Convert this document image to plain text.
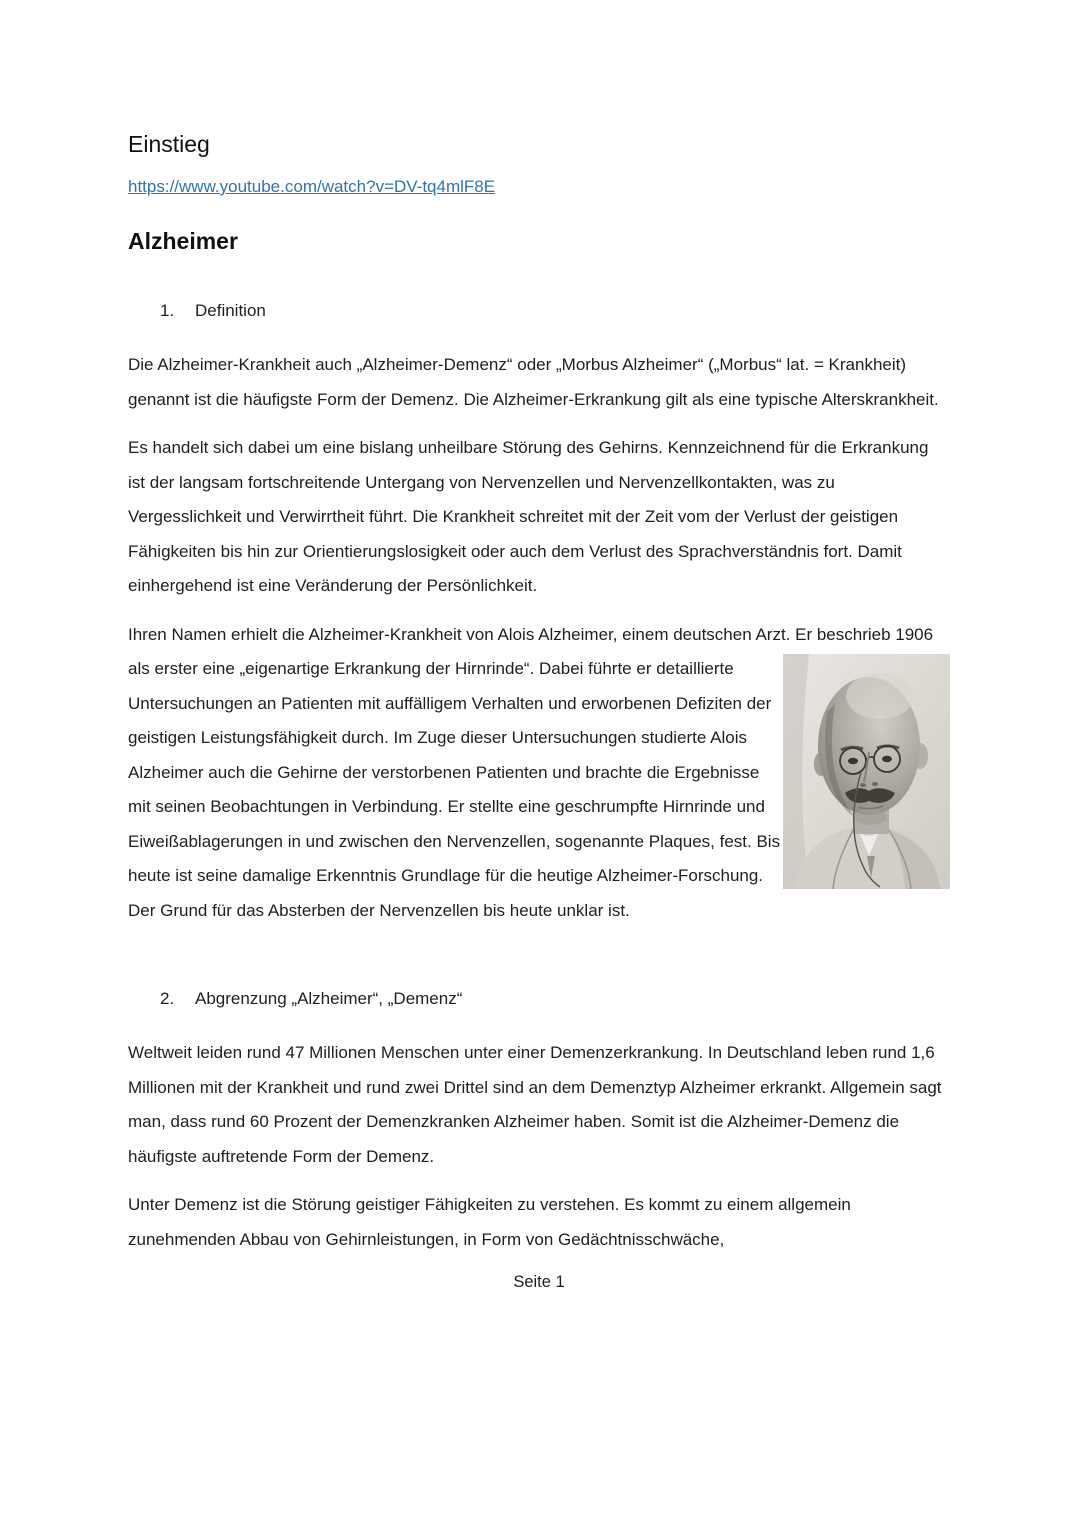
Einstieg

https://www.youtube.com/watch?v=DV-tq4mlF8E

Alzheimer
1.	Definition

Die Alzheimer-Krankheit auch „Alzheimer-Demenz“ oder „Morbus Alzheimer“ („Morbus“ lat. = Krankheit) genannt ist die häufigste Form der Demenz. Die Alzheimer-Erkrankung gilt als eine typische Alterskrankheit.

Es handelt sich dabei um eine bislang unheilbare Störung des Gehirns. Kennzeichnend für die Erkrankung ist der langsam fortschreitende Untergang von Nervenzellen und Nervenzellkontakten, was zu Vergesslichkeit und Verwirrtheit führt. Die Krankheit schreitet mit der Zeit vom der Verlust der geistigen Fähigkeiten bis hin zur Orientierungslosigkeit oder auch dem Verlust des Sprachverständnis fort. Damit einhergehend ist eine Veränderung der Persönlichkeit.

Ihren Namen erhielt die Alzheimer-Krankheit von Alois Alzheimer, einem deutschen Arzt. Er beschrieb 1906 als erster eine „eigenartige Erkrankung der Hirnrinde“. Dabei führte er detaillierte Untersuchungen an Patienten mit auffälligem Verhalten und erworbenen Defiziten der geistigen Leistungsfähigkeit durch. Im Zuge dieser Untersuchungen studierte Alois Alzheimer auch die Gehirne der verstorbenen Patienten und brachte die Ergebnisse mit seinen Beobachtungen in Verbindung. Er stellte eine geschrumpfte Hirnrinde und Eiweißablagerungen in und zwischen den Nervenzellen, sogenannte Plaques, fest. Bis heute ist seine damalige Erkenntnis Grundlage für die heutige Alzheimer-Forschung. Der Grund für das Absterben der Nervenzellen bis heute unklar ist.

2.	Abgrenzung „Alzheimer“, „Demenz“

Weltweit leiden rund 47 Millionen Menschen unter einer Demenzerkrankung. In Deutschland leben rund 1,6 Millionen mit der Krankheit und rund zwei Drittel sind an dem Demenztyp Alzheimer erkrankt. Allgemein sagt man, dass rund 60 Prozent der Demenzkranken Alzheimer haben. Somit ist die Alzheimer-Demenz die häufigste auftretende Form der Demenz.

Unter Demenz ist die Störung geistiger Fähigkeiten zu verstehen. Es kommt zu einem allgemein zunehmenden Abbau von Gehirnleistungen, in Form von Gedächtnisschwäche,

Seite 1
